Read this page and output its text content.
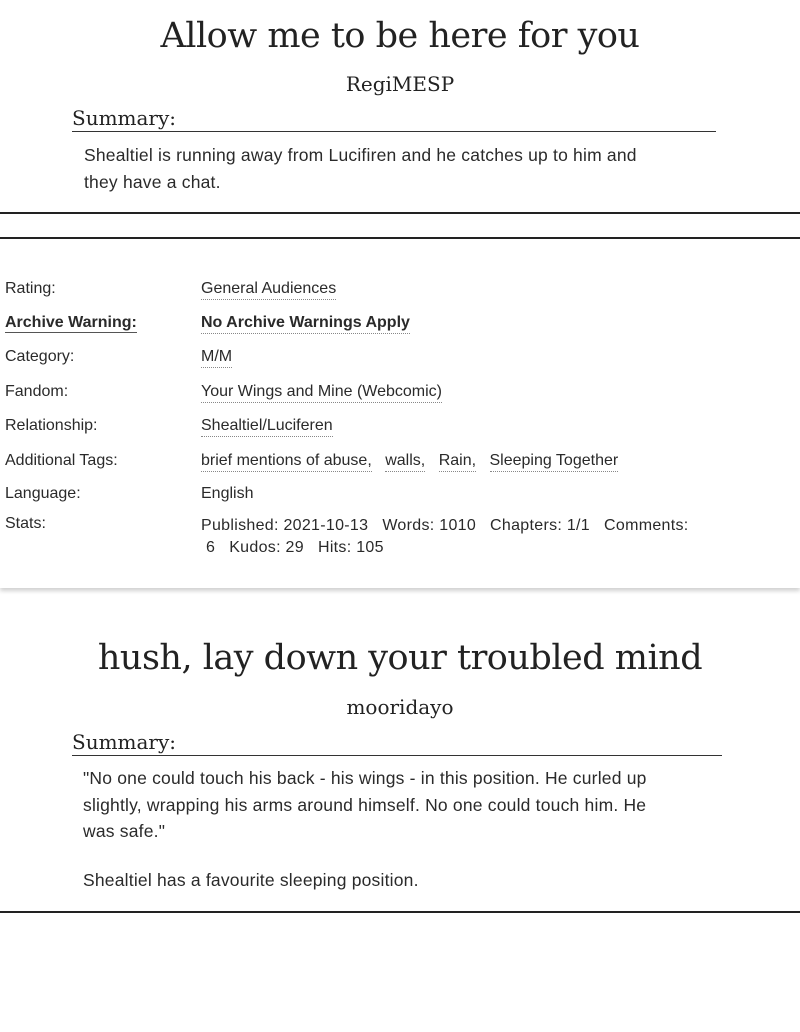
Allow me to be here for you
RegiMESP
Summary:
Shealtiel is running away from Lucifiren and he catches up to him and
they have a chat.
Rating:	General Audiences
Archive Warning:	No Archive Warnings Apply
Category:	M/M
Fandom:	Your Wings and Mine (Webcomic)
Relationship:	Shealtiel/Luciferen
Additional Tags:	brief mentions of abuse, walls, Rain, Sleeping Together
Language:	English
Stats:	Published: 2021-10-13 Words: 1010 Chapters: 1/1 Comments:
6 Kudos: 29 Hits: 105
hush, lay down your troubled mind
mooridayo
Summary:
"No one could touch his back - his wings - in this position. He curled up
slightly, wrapping his arms around himself. No one could touch him. He
was safe."
Shealtiel has a favourite sleeping position.
